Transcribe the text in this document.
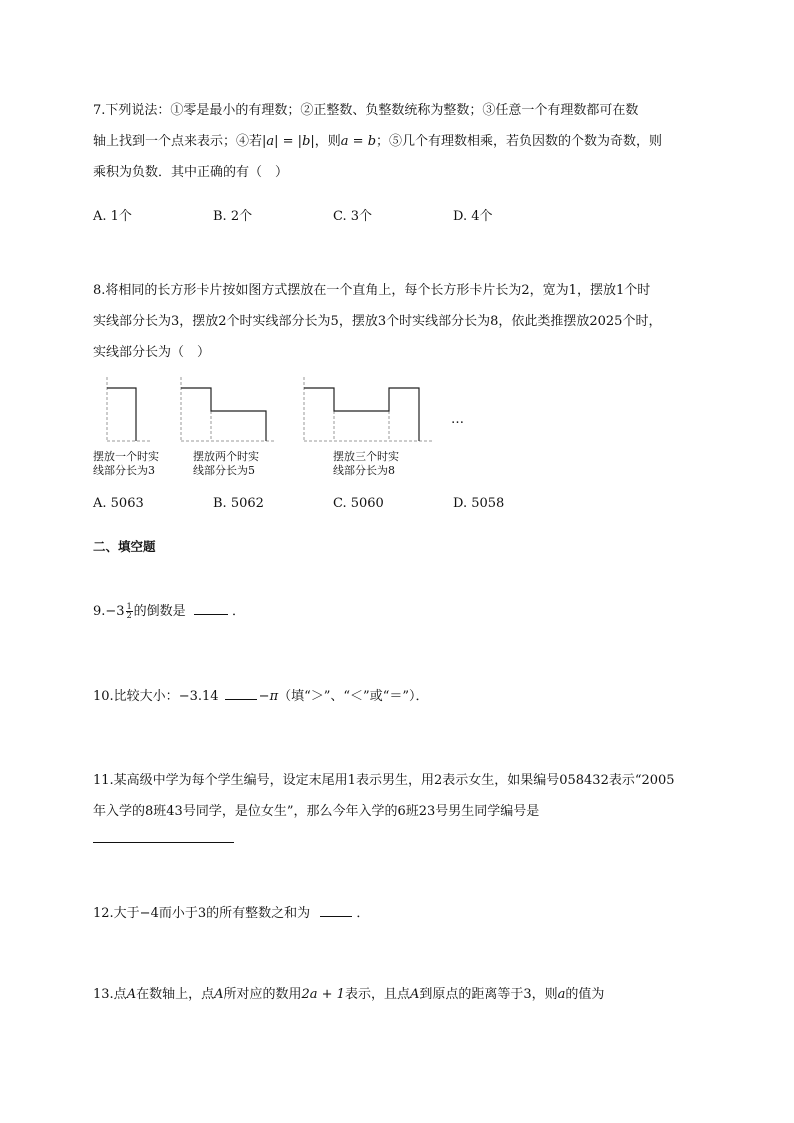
7.下列说法：①零是最小的有理数；②正整数、负整数统称为整数；③任意一个有理数都可在数
轴上找到一个点来表示；④若|a| = |b|，则a = b；⑤几个有理数相乘，若负因数的个数为奇数，则
乘积为负数．其中正确的有（　）
A. 1个	B. 2个	C. 3个	D. 4个
8.将相同的长方形卡片按如图方式摆放在一个直角上，每个长方形卡片长为2，宽为1，摆放1个时
实线部分长为3，摆放2个时实线部分长为5，摆放3个时实线部分长为8，依此类推摆放2025个时，
实线部分长为（　）
…
摆放一个时实
线部分长为3
摆放两个时实
线部分长为5
摆放三个时实
线部分长为8
A. 5063	B. 5062	C. 5060	D. 5058
二、填空题
$9.-3 \frac{1}{2}$ 的倒数是	．
10.比较大小：−3.14	−π（填“＞”、“＜”或“＝”）．
11.某高级中学为每个学生编号，设定末尾用1表示男生，用2表示女生，如果编号058432表示“2005
年入学的8班43号同学，是位女生”，那么今年入学的6班23号男生同学编号是
12.大于−4而小于3的所有整数之和为	．
13.点A在数轴上，点A所对应的数用2a + 1表示，且点A到原点的距离等于3，则a的值为
